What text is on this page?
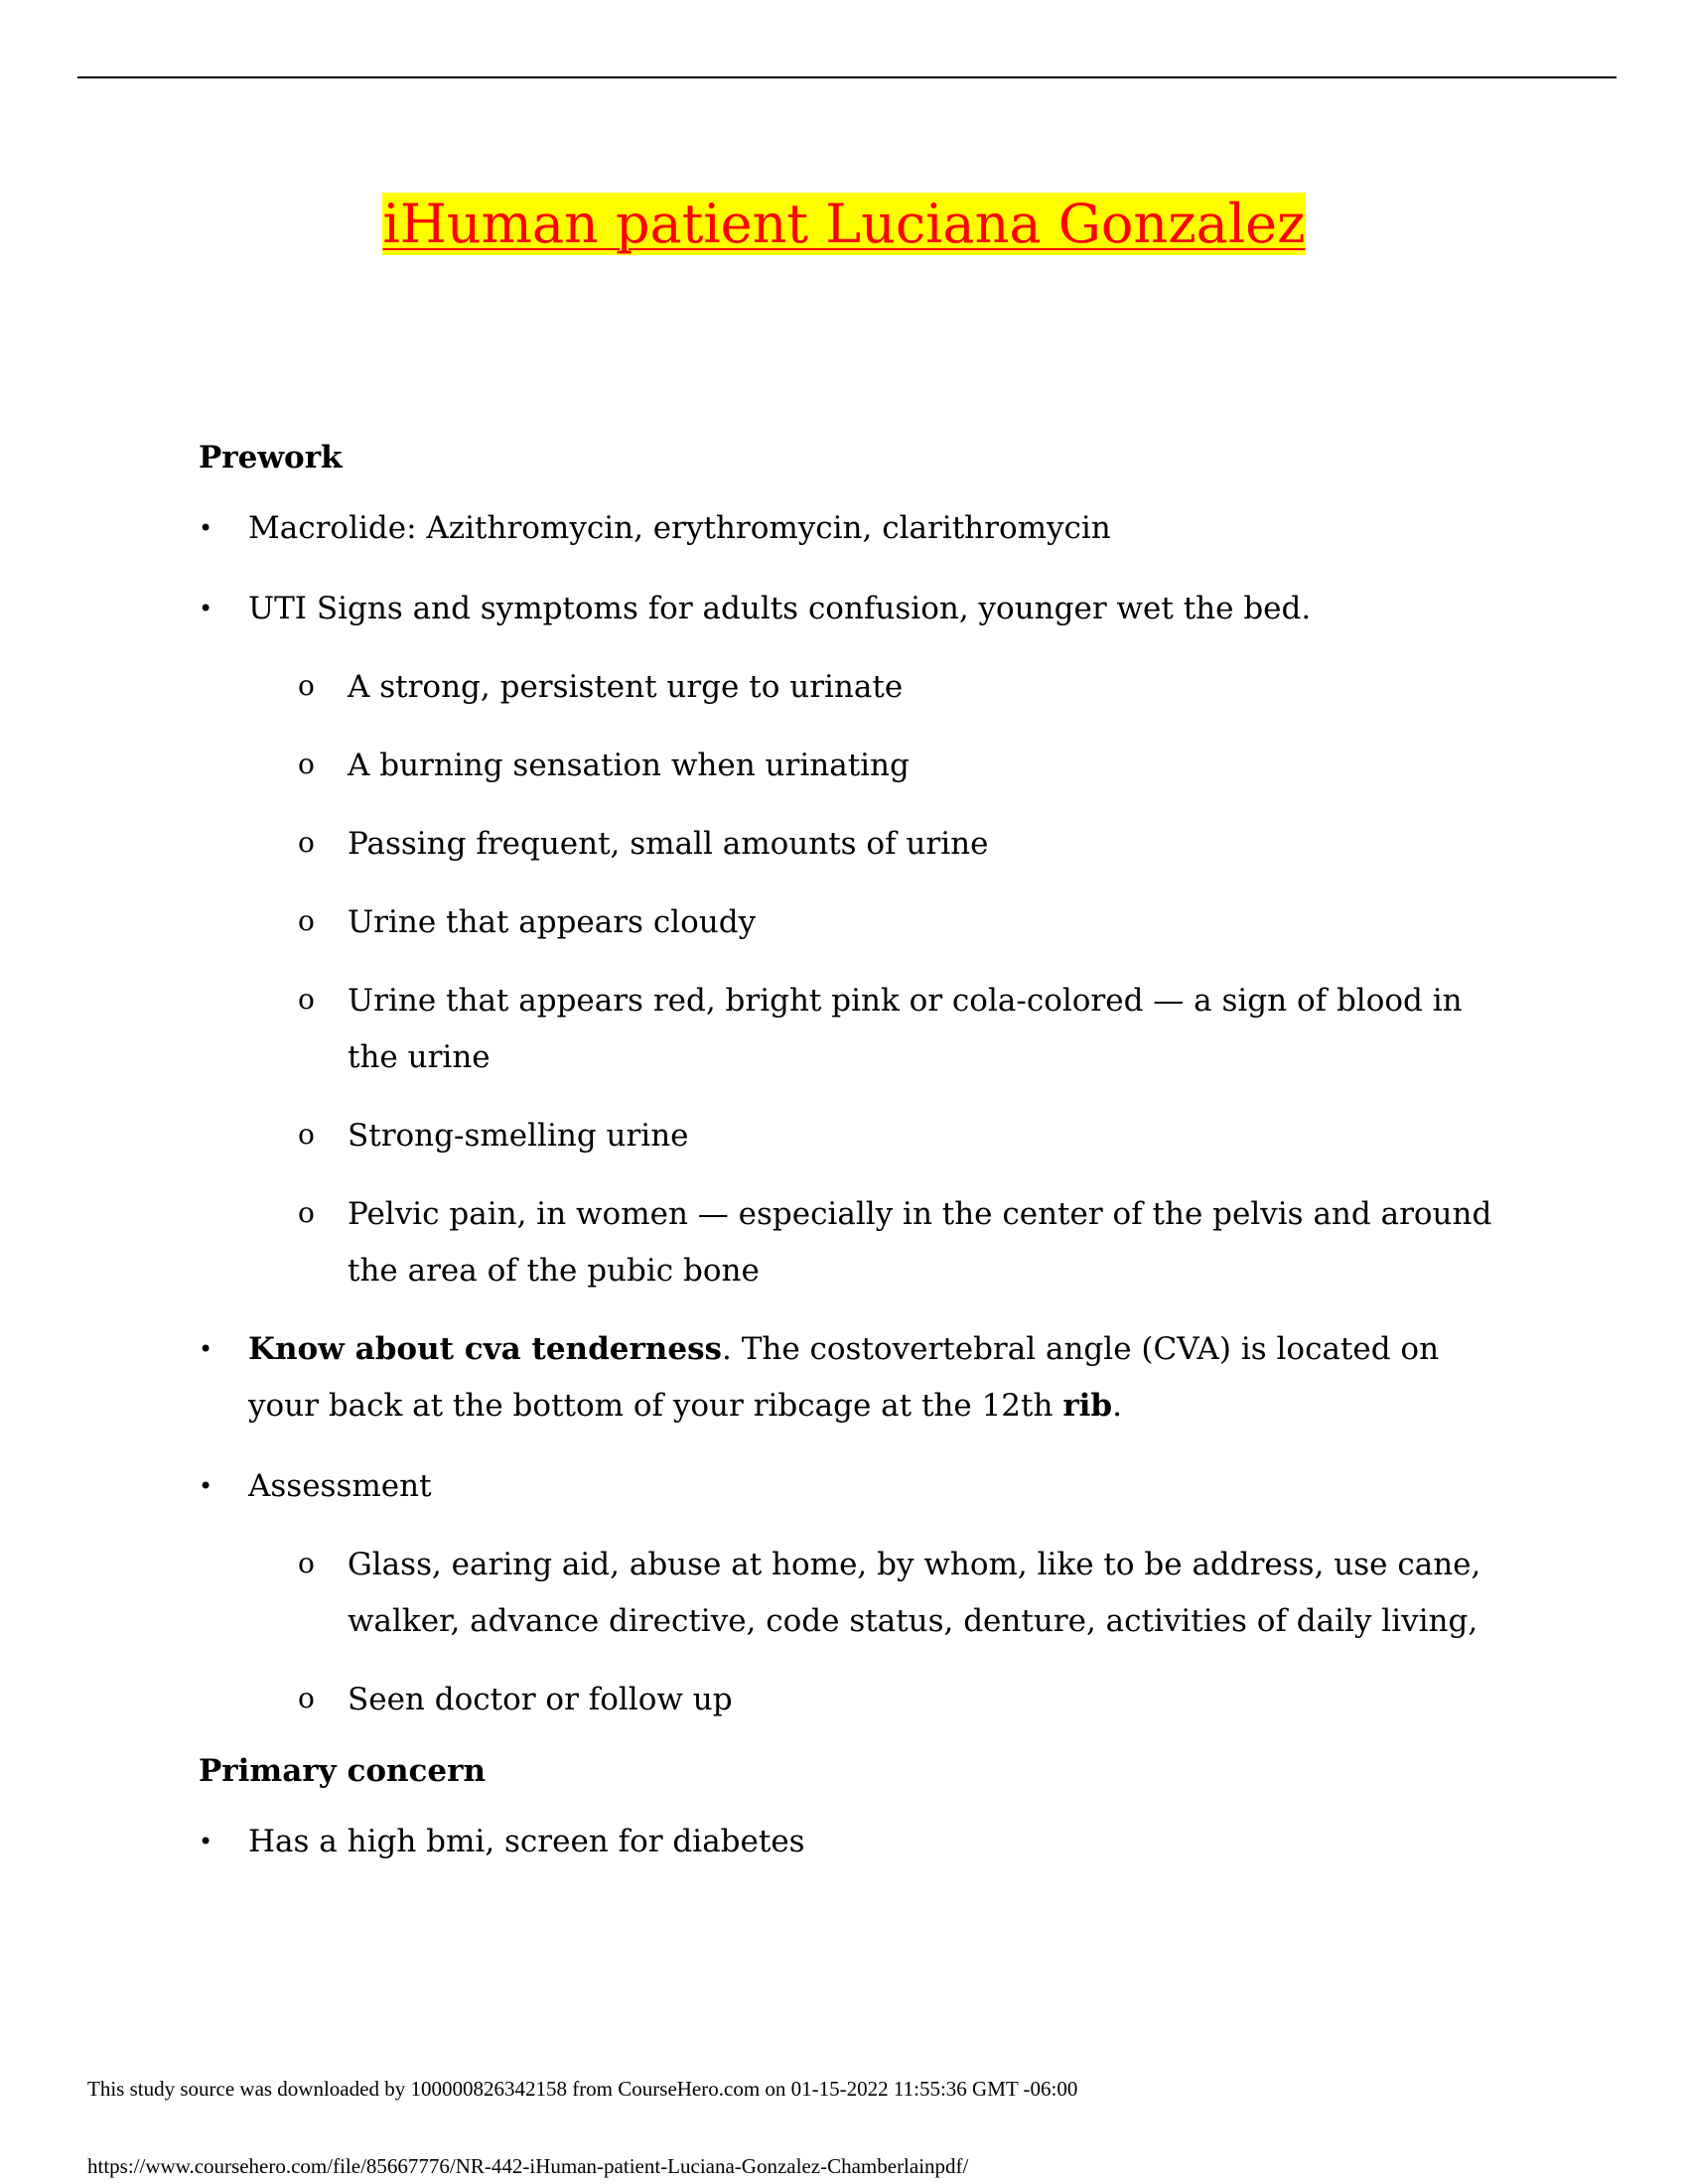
iHuman patient Luciana Gonzalez

Prework

• Macrolide: Azithromycin, erythromycin, clarithromycin
• UTI Signs and symptoms for adults confusion, younger wet the bed.
o A strong, persistent urge to urinate
o A burning sensation when urinating
o Passing frequent, small amounts of urine
o Urine that appears cloudy
o Urine that appears red, bright pink or cola-colored — a sign of blood in the urine
o Strong-smelling urine
o Pelvic pain, in women — especially in the center of the pelvis and around the area of the pubic bone
• Know about cva tenderness. The costovertebral angle (CVA) is located on your back at the bottom of your ribcage at the 12th rib.
• Assessment
o Glass, earing aid, abuse at home, by whom, like to be address, use cane, walker, advance directive, code status, denture, activities of daily living,
o Seen doctor or follow up

Primary concern

• Has a high bmi, screen for diabetes
This study source was downloaded by 100000826342158 from CourseHero.com on 01-15-2022 11:55:36 GMT -06:00
https://www.coursehero.com/file/85667776/NR-442-iHuman-patient-Luciana-Gonzalez-Chamberlainpdf/
